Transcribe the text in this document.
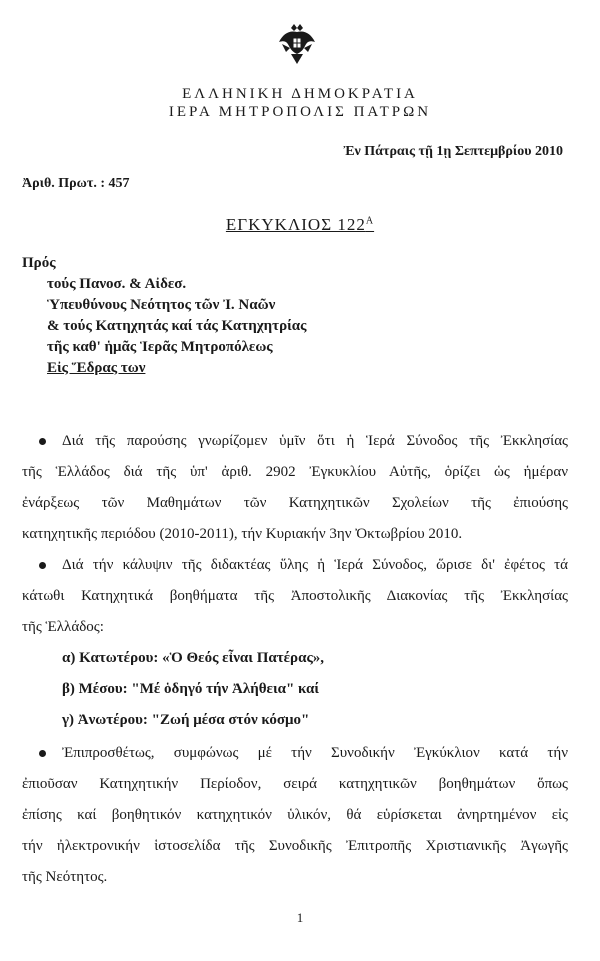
ΕΛΛΗΝΙΚΗ ΔΗΜΟΚΡΑΤΙΑ
ΙΕΡΑ ΜΗΤΡΟΠΟΛΙΣ ΠΑΤΡΩΝ
Ἐν Πάτραις τῇ 1ῃ Σεπτεμβρίου 2010
Ἀριθ. Πρωτ. : 457
ΕΓΚΥΚΛΙΟΣ $122^A$
Πρός
τούς Πανοσ. & Αἰδεσ.
Ὑπευθύνους Νεότητος τῶν Ἰ. Ναῶν
& τούς Κατηχητάς καί τάς Κατηχητρίας
τῆς καθ' ἡμᾶς Ἱερᾶς Μητροπόλεως
Εἰς Ἕδρας των
Διά τῆς παρούσης γνωρίζομεν ὑμῖν ὅτι ἡ Ἱερά Σύνοδος τῆς Ἐκκλησίας
τῆς Ἑλλάδος διά τῆς ὑπ' ἀριθ. 2902 Ἐγκυκλίου Αὐτῆς, ὁρίζει ὡς ἡμέραν
ἐνάρξεως τῶν Μαθημάτων τῶν Κατηχητικῶν Σχολείων τῆς ἐπιούσης
κατηχητικῆς περιόδου (2010-2011), τήν Κυριακήν 3ην Ὀκτωβρίου 2010.
Διά τήν κάλυψιν τῆς διδακτέας ὕλης ἡ Ἱερά Σύνοδος, ὥρισε δι' ἐφέτος τά
κάτωθι Κατηχητικά βοηθήματα τῆς Ἀποστολικῆς Διακονίας τῆς Ἐκκλησίας
τῆς Ἑλλάδος:
α) Κατωτέρου: «Ὁ Θεός εἶναι Πατέρας»,
β) Μέσου: "Μέ ὁδηγό τήν Ἀλήθεια" καί
γ) Ἀνωτέρου: "Ζωή μέσα στόν κόσμο"
Ἐπιπροσθέτως, συμφώνως μέ τήν Συνοδικήν Ἐγκύκλιον κατά τήν
ἐπιοῦσαν Κατηχητικήν Περίοδον, σειρά κατηχητικῶν βοηθημάτων ὅπως
ἐπίσης καί βοηθητικόν κατηχητικόν ὑλικόν, θά εὑρίσκεται ἀνηρτημένον εἰς
τήν ἠλεκτρονικήν ἱστοσελίδα τῆς Συνοδικῆς Ἐπιτροπῆς Χριστιανικῆς Ἀγωγῆς
τῆς Νεότητος.
1
